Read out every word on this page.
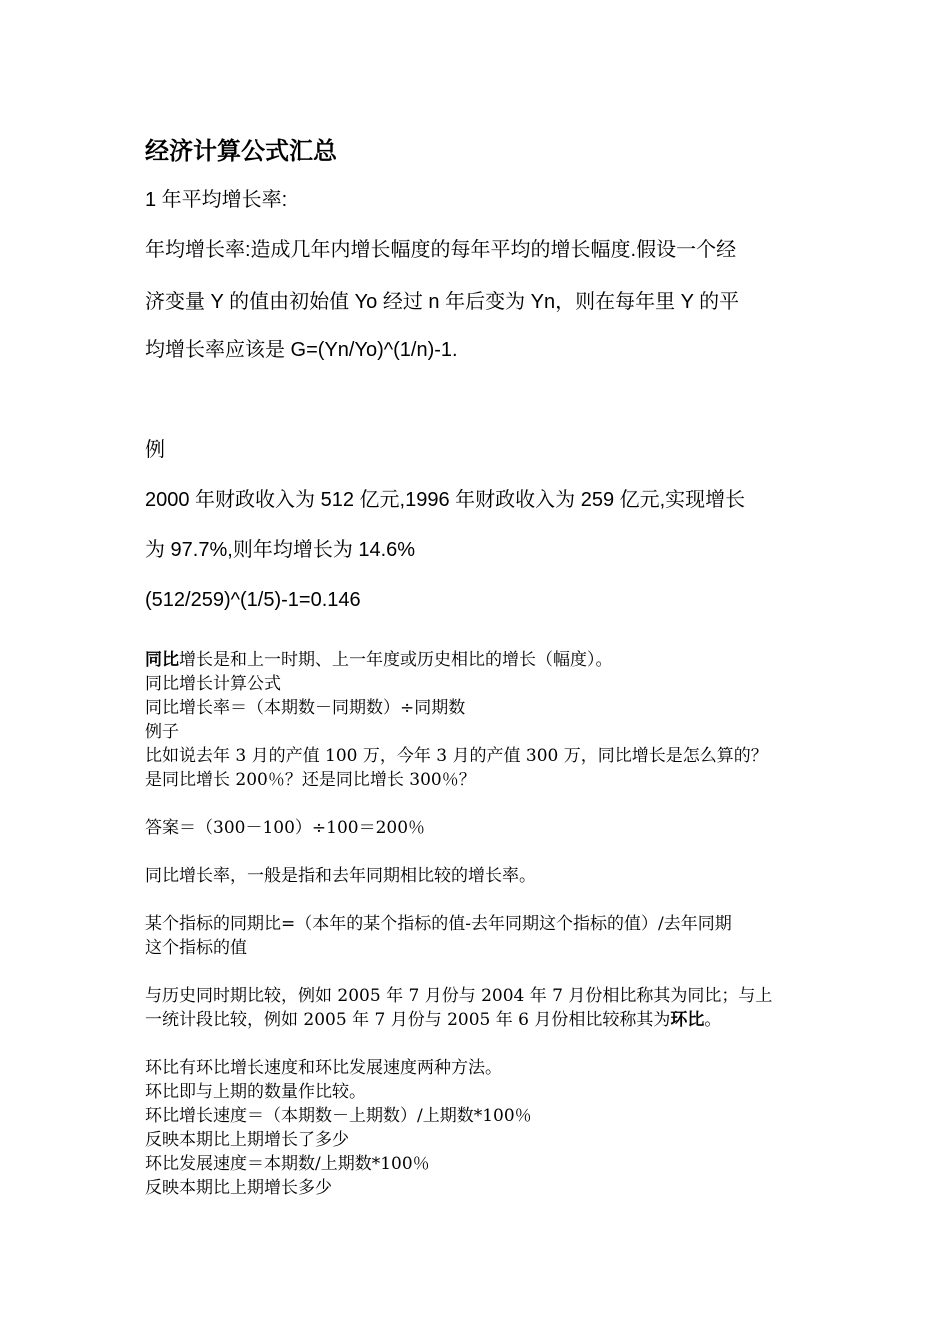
经济计算公式汇总
1 年平均增长率:
年均增长率:造成几年内增长幅度的每年平均的增长幅度.假设一个经
济变量 Y 的值由初始值 Yo 经过 n 年后变为 Yn，则在每年里 Y 的平
均增长率应该是 G=(Yn/Yo)^(1/n)-1.
例
2000 年财政收入为 512 亿元,1996 年财政收入为 259 亿元,实现增长
为 97.7%,则年均增长为 14.6%
(512/259)^(1/5)-1=0.146
同比增长是和上一时期、上一年度或历史相比的增长（幅度）。
同比增长计算公式
同比增长率＝（本期数－同期数）÷同期数
例子
比如说去年 3 月的产值 100 万，今年 3 月的产值 300 万，同比增长是怎么算的？
是同比增长 200％？还是同比增长 300％？
答案＝（300－100）÷100＝200％
同比增长率，一般是指和去年同期相比较的增长率。
某个指标的同期比=（本年的某个指标的值-去年同期这个指标的值）/去年同期
这个指标的值
与历史同时期比较，例如 2005 年 7 月份与 2004 年 7 月份相比称其为同比；与上
一统计段比较，例如 2005 年 7 月份与 2005 年 6 月份相比较称其为环比。
环比有环比增长速度和环比发展速度两种方法。
环比即与上期的数量作比较。
环比增长速度＝（本期数－上期数）/上期数*100％
反映本期比上期增长了多少
环比发展速度＝本期数/上期数*100％
反映本期比上期增长多少
